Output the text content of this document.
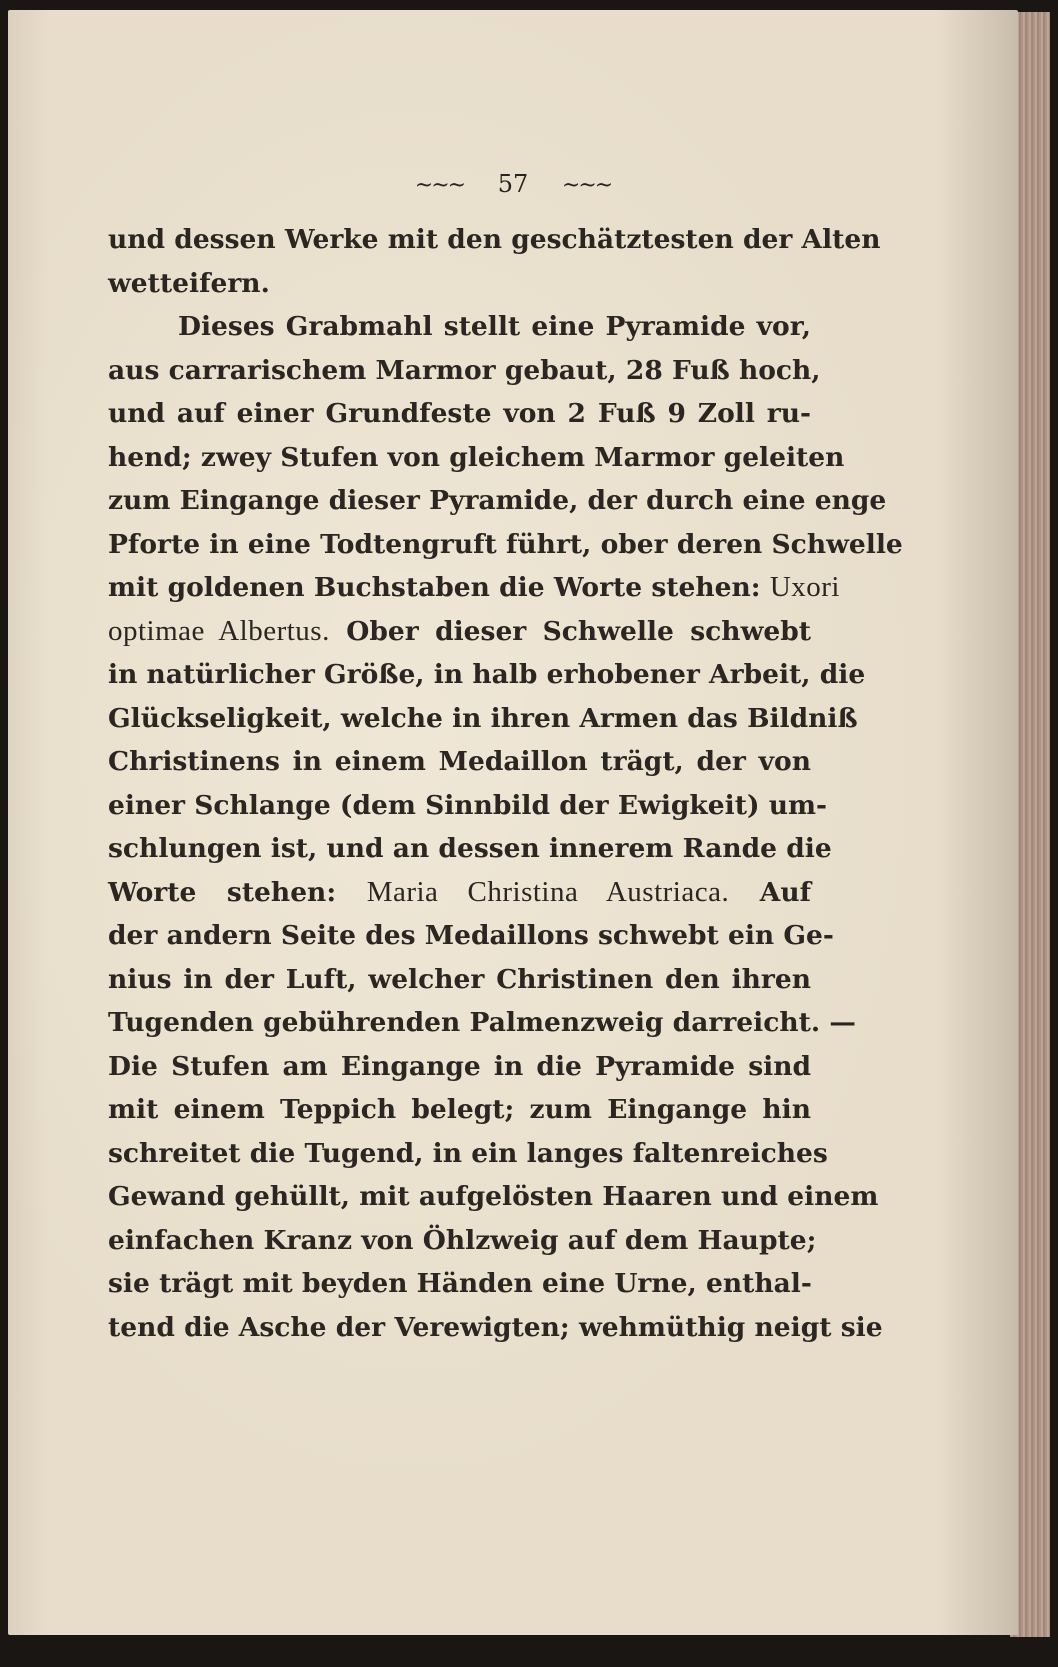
~~~ 57 ~~~
und dessen Werke mit den geschätztesten der Alten
wetteifern.
Dieses Grabmahl stellt eine Pyramide vor,
aus carrarischem Marmor gebaut, 28 Fuß hoch,
und auf einer Grundfeste von 2 Fuß 9 Zoll ru-
hend; zwey Stufen von gleichem Marmor geleiten
zum Eingange dieser Pyramide, der durch eine enge
Pforte in eine Todtengruft führt, ober deren Schwelle
mit goldenen Buchstaben die Worte stehen: Uxori
optimae Albertus. Ober dieser Schwelle schwebt
in natürlicher Größe, in halb erhobener Arbeit, die
Glückseligkeit, welche in ihren Armen das Bildniß
Christinens in einem Medaillon trägt, der von
einer Schlange (dem Sinnbild der Ewigkeit) um-
schlungen ist, und an dessen innerem Rande die
Worte stehen: Maria Christina Austriaca. Auf
der andern Seite des Medaillons schwebt ein Ge-
nius in der Luft, welcher Christinen den ihren
Tugenden gebührenden Palmenzweig darreicht. —
Die Stufen am Eingange in die Pyramide sind
mit einem Teppich belegt; zum Eingange hin
schreitet die Tugend, in ein langes faltenreiches
Gewand gehüllt, mit aufgelösten Haaren und einem
einfachen Kranz von Öhlzweig auf dem Haupte;
sie trägt mit beyden Händen eine Urne, enthal-
tend die Asche der Verewigten; wehmüthig neigt sie
